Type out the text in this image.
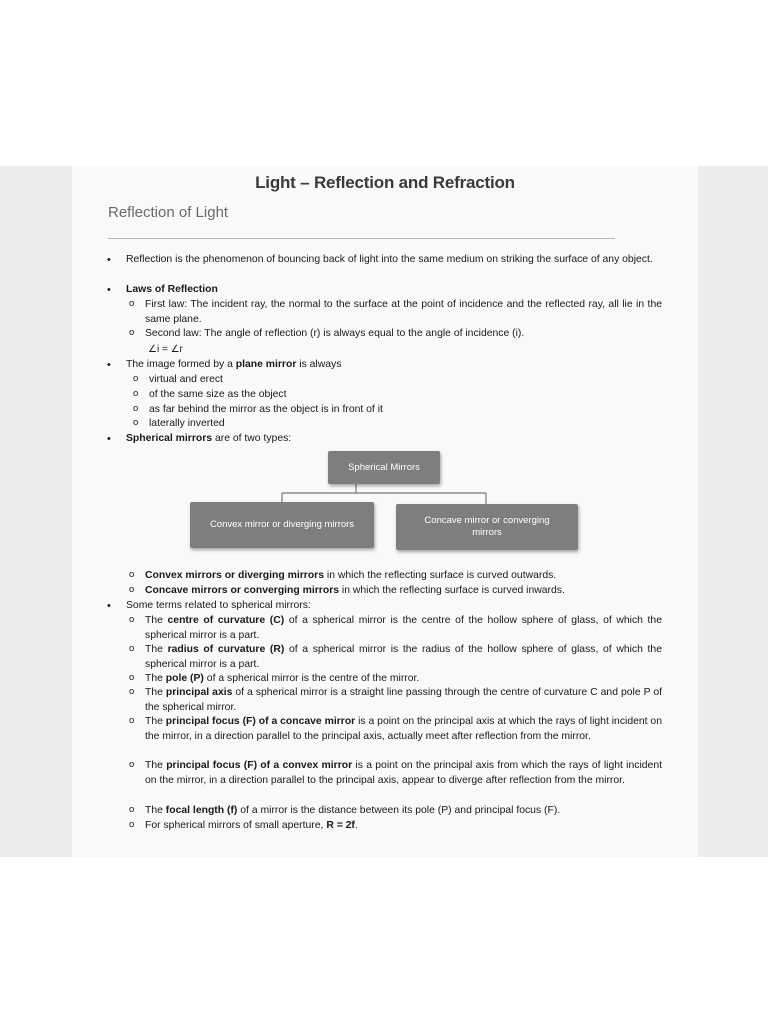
Light – Reflection and Refraction
Reflection of Light
• Reflection is the phenomenon of bouncing back of light into the same medium on striking the surface of any object.
• Laws of Reflection
o First law: The incident ray, the normal to the surface at the point of incidence and the reflected ray, all lie in the same plane.
o Second law: The angle of reflection (r) is always equal to the angle of incidence (i).
∠i = ∠r
• The image formed by a plane mirror is always
o virtual and erect
o of the same size as the object
o as far behind the mirror as the object is in front of it
o laterally inverted
• Spherical mirrors are of two types:
Spherical Mirrors
Convex mirror or diverging mirrors	Concave mirror or converging mirrors
o Convex mirrors or diverging mirrors in which the reflecting surface is curved outwards.
o Concave mirrors or converging mirrors in which the reflecting surface is curved inwards.
• Some terms related to spherical mirrors:
o The centre of curvature (C) of a spherical mirror is the centre of the hollow sphere of glass, of which the spherical mirror is a part.
o The radius of curvature (R) of a spherical mirror is the radius of the hollow sphere of glass, of which the spherical mirror is a part.
o The pole (P) of a spherical mirror is the centre of the mirror.
o The principal axis of a spherical mirror is a straight line passing through the centre of curvature C and pole P of the spherical mirror.
o The principal focus (F) of a concave mirror is a point on the principal axis at which the rays of light incident on the mirror, in a direction parallel to the principal axis, actually meet after reflection from the mirror.
o The principal focus (F) of a convex mirror is a point on the principal axis from which the rays of light incident on the mirror, in a direction parallel to the principal axis, appear to diverge after reflection from the mirror.
o The focal length (f) of a mirror is the distance between its pole (P) and principal focus (F).
o For spherical mirrors of small aperture, R = 2f.
